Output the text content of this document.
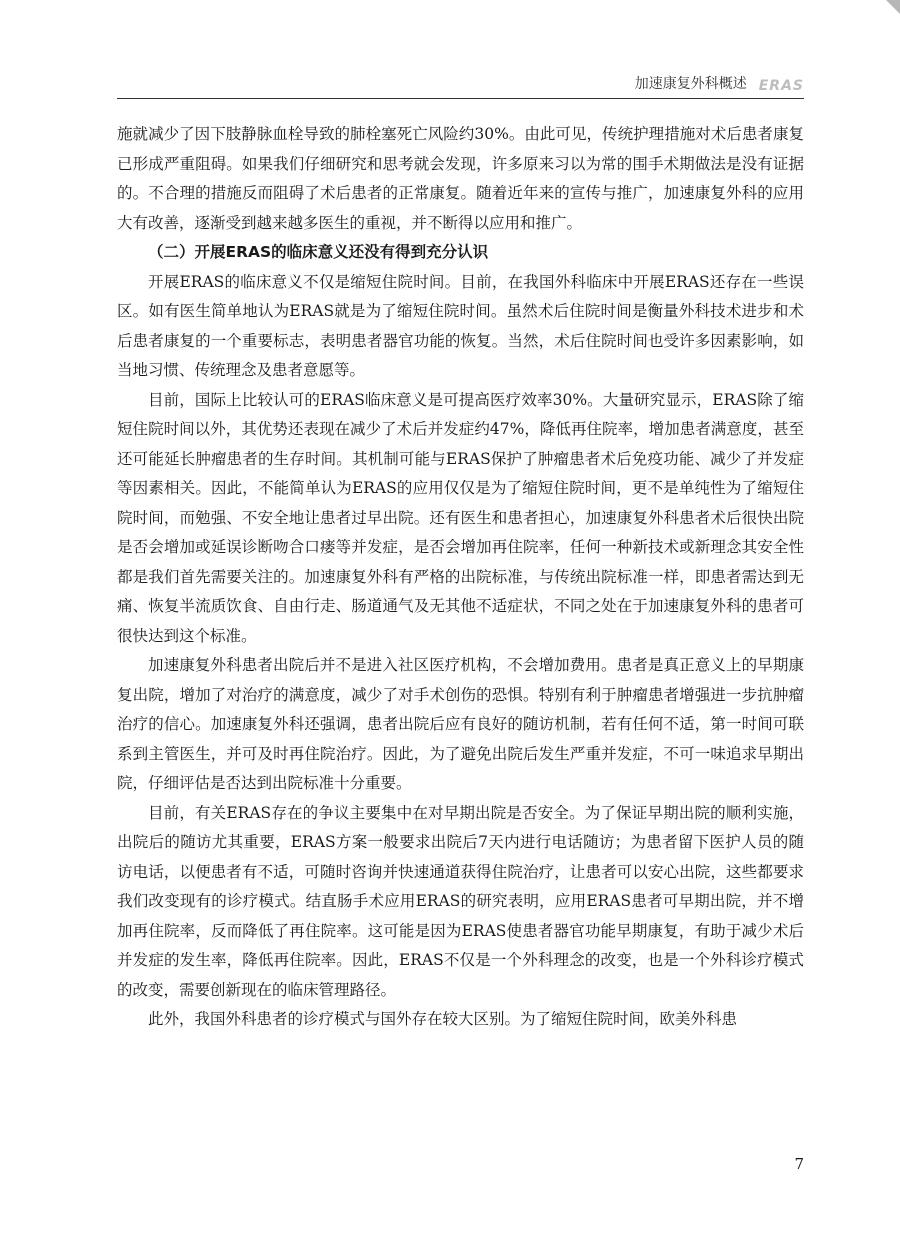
加速康复外科概述 ERAS

施就减少了因下肢静脉血栓导致的肺栓塞死亡风险约30%。由此可见，传统护理措施对术后患者康复已形成严重阻碍。如果我们仔细研究和思考就会发现，许多原来习以为常的围手术期做法是没有证据的。不合理的措施反而阻碍了术后患者的正常康复。随着近年来的宣传与推广，加速康复外科的应用大有改善，逐渐受到越来越多医生的重视，并不断得以应用和推广。

（二）开展ERAS的临床意义还没有得到充分认识

开展ERAS的临床意义不仅是缩短住院时间。目前，在我国外科临床中开展ERAS还存在一些误区。如有医生简单地认为ERAS就是为了缩短住院时间。虽然术后住院时间是衡量外科技术进步和术后患者康复的一个重要标志，表明患者器官功能的恢复。当然，术后住院时间也受许多因素影响，如当地习惯、传统理念及患者意愿等。

目前，国际上比较认可的ERAS临床意义是可提高医疗效率30%。大量研究显示，ERAS除了缩短住院时间以外，其优势还表现在减少了术后并发症约47%，降低再住院率，增加患者满意度，甚至还可能延长肿瘤患者的生存时间。其机制可能与ERAS保护了肿瘤患者术后免疫功能、减少了并发症等因素相关。因此，不能简单认为ERAS的应用仅仅是为了缩短住院时间，更不是单纯性为了缩短住院时间，而勉强、不安全地让患者过早出院。还有医生和患者担心，加速康复外科患者术后很快出院是否会增加或延误诊断吻合口瘘等并发症，是否会增加再住院率，任何一种新技术或新理念其安全性都是我们首先需要关注的。加速康复外科有严格的出院标准，与传统出院标准一样，即患者需达到无痛、恢复半流质饮食、自由行走、肠道通气及无其他不适症状，不同之处在于加速康复外科的患者可很快达到这个标准。

加速康复外科患者出院后并不是进入社区医疗机构，不会增加费用。患者是真正意义上的早期康复出院，增加了对治疗的满意度，减少了对手术创伤的恐惧。特别有利于肿瘤患者增强进一步抗肿瘤治疗的信心。加速康复外科还强调，患者出院后应有良好的随访机制，若有任何不适，第一时间可联系到主管医生，并可及时再住院治疗。因此，为了避免出院后发生严重并发症，不可一味追求早期出院，仔细评估是否达到出院标准十分重要。

目前，有关ERAS存在的争议主要集中在对早期出院是否安全。为了保证早期出院的顺利实施，出院后的随访尤其重要，ERAS方案一般要求出院后7天内进行电话随访；为患者留下医护人员的随访电话，以便患者有不适，可随时咨询并快速通道获得住院治疗，让患者可以安心出院，这些都要求我们改变现有的诊疗模式。结直肠手术应用ERAS的研究表明，应用ERAS患者可早期出院，并不增加再住院率，反而降低了再住院率。这可能是因为ERAS使患者器官功能早期康复，有助于减少术后并发症的发生率，降低再住院率。因此，ERAS不仅是一个外科理念的改变，也是一个外科诊疗模式的改变，需要创新现在的临床管理路径。

此外，我国外科患者的诊疗模式与国外存在较大区别。为了缩短住院时间，欧美外科患

7
